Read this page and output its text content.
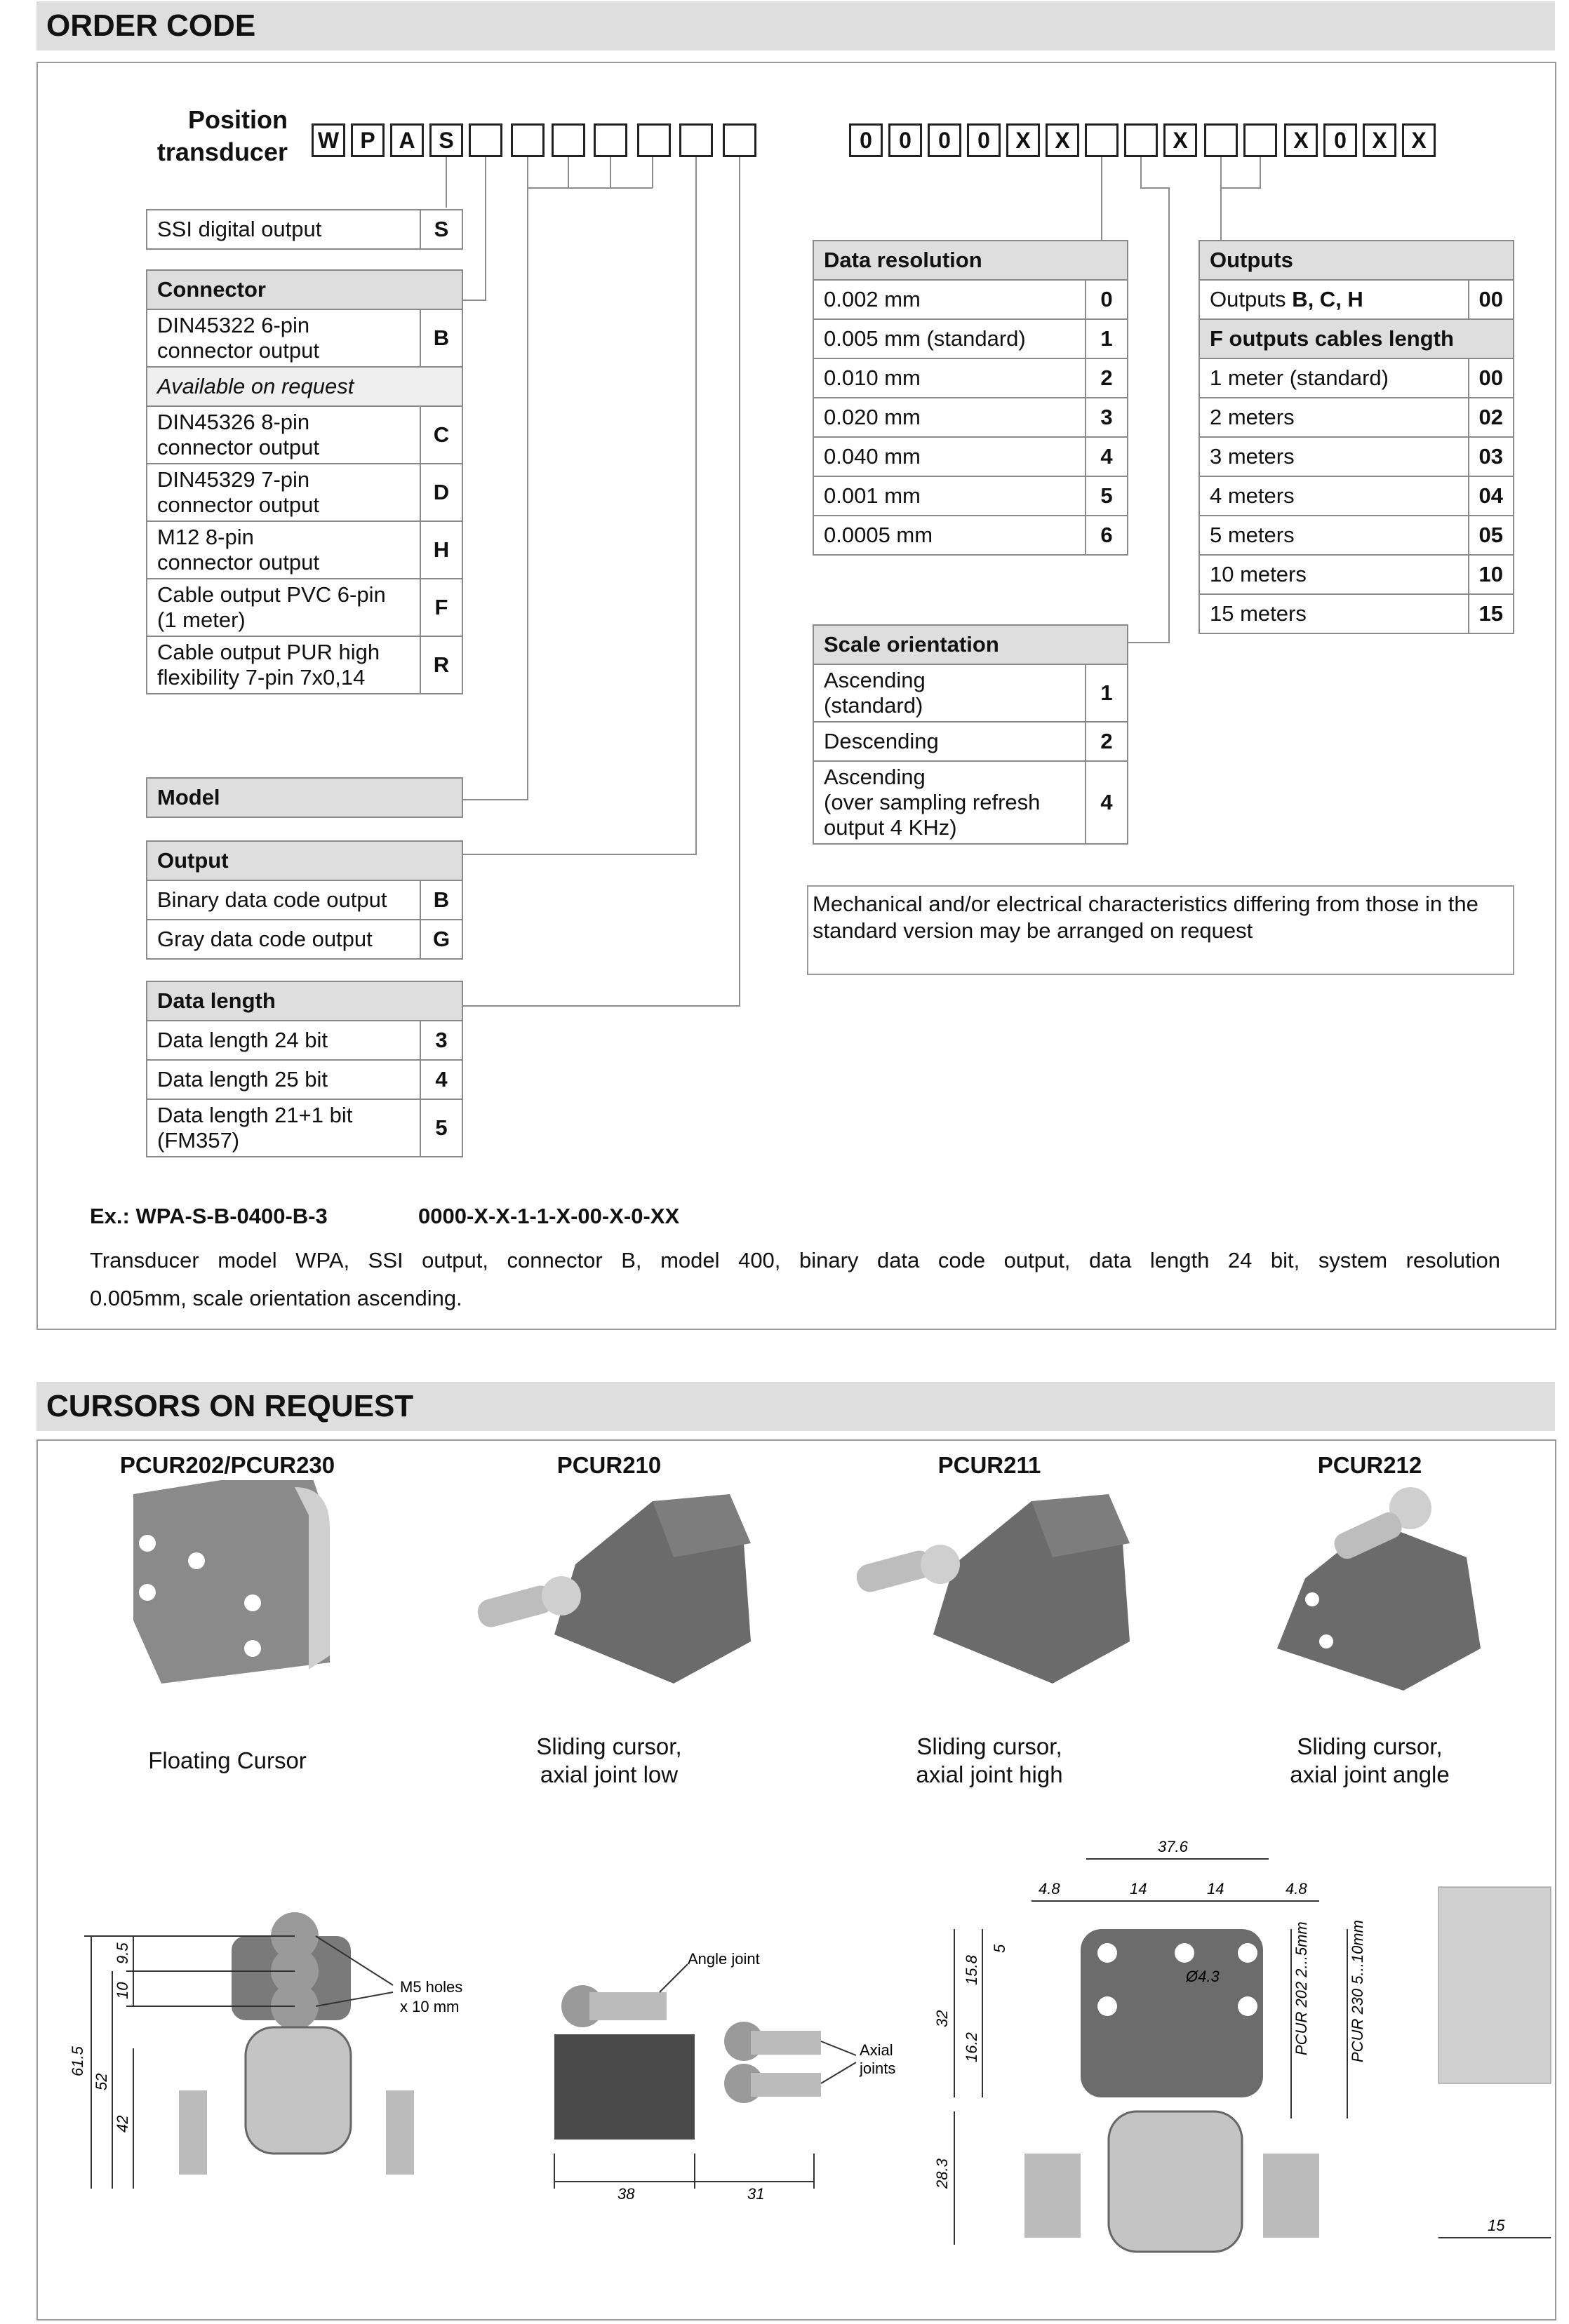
ORDER CODE
Position
transducer W P	A	S	0	0	0	0	X	X	X	X	0	X	X
SSI digital output	S
Connector	

DIN45322 6-pin
connector output	B
Available on request	

DIN45326 8-pin
connector output	C

DIN45329 7-pin
connector output	D

M12 8-pin
connector output	H

Cable output PVC 6-pin
(1 meter)	F

Cable output PUR high
flexibility 7-pin 7x0,14	R
Model
Output	
Binary data code output	B
Gray data code output	G
Data length	
Data length 24 bit	3
Data length 25 bit	4

Data length 21+1 bit
(FM357)	5
Data resolution	
0.002 mm	0
0.005 mm (standard)	1
0.010 mm	2
0.020 mm	3
0.040 mm	4
0.001 mm	5
0.0005 mm	6
Scale orientation	

Ascending
(standard)	1
Descending	2

Ascending
(over sampling refresh
output 4 KHz)	4
Outputs	
Outputs B, C, H	00
F outputs cables length	
1 meter (standard)	00
2 meters	02
3 meters	03
4 meters	04
5 meters	05
10 meters	10
15 meters	15
Mechanical and/or electrical characteristics differing from those in the
standard version may be arranged on request
Ex.: WPA-S-B-0400-B-3	0000-X-X-1-1-X-00-X-0-XX
Transducer model WPA, SSI output, connector B, model 400, binary data code output, data length 24 bit, system resolution
0.005mm, scale orientation ascending.
CURSORS ON REQUEST
PCUR202/PCUR230	PCUR210	PCUR211	PCUR212
Floating Cursor
Sliding cursor,
axial joint low
Sliding cursor,
axial joint high
Sliding cursor,
axial joint angle
61.5
52
42
9.5
10	M5 holes
x 10 mm
Angle joint
Axial
joints
38	31
37.6
4.8	14	14	4.8
32
15.8
5
16.2
28.3
Ø4.3	PCUR 202 2...5mm	PCUR 230 5...10mm
15
